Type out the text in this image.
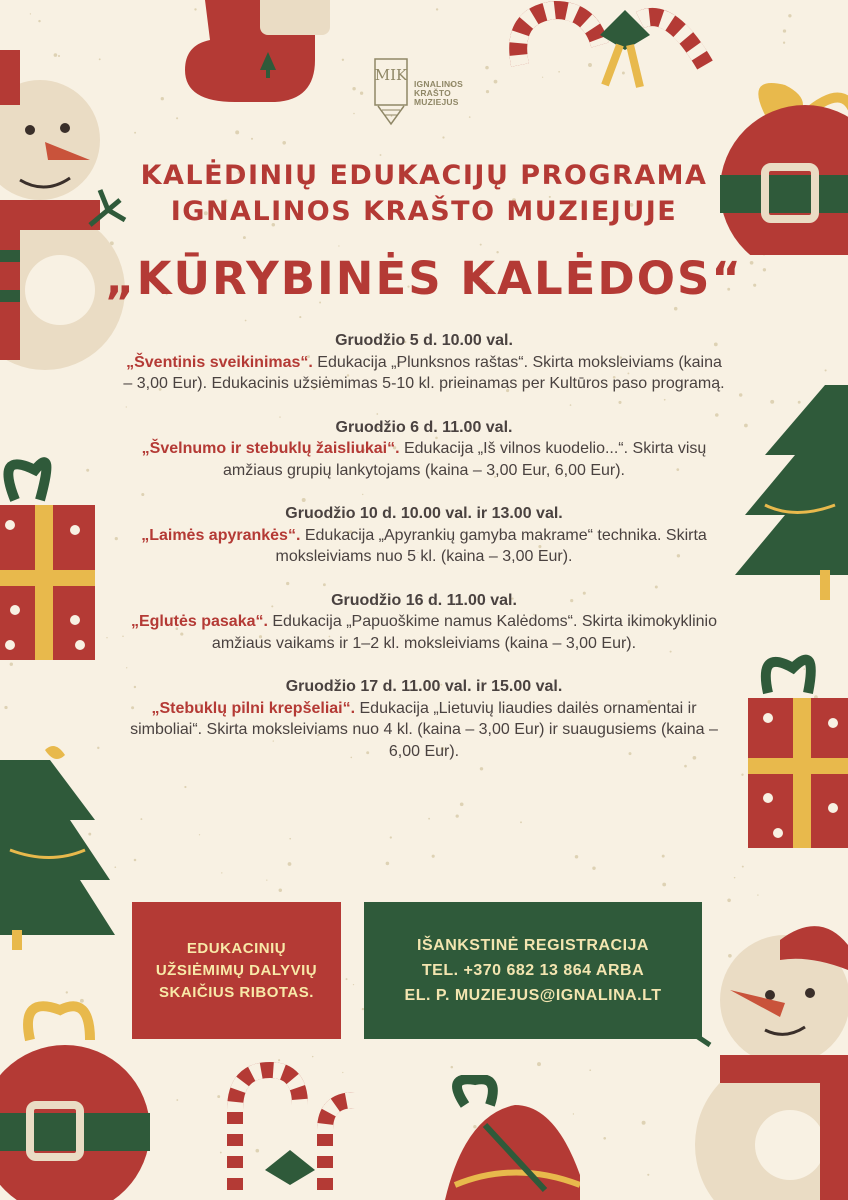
MIK IGNALINOS
KRAŠTO
MUZIEJUS
KALĖDINIŲ EDUKACIJŲ PROGRAMA
IGNALINOS KRAŠTO MUZIEJUJE
„KŪRYBINĖS KALĖDOS“
Gruodžio 5 d. 10.00 val.
„Šventinis sveikinimas“. Edukacija „Plunksnos raštas“. Skirta moksleiviams (kaina – 3,00 Eur). Edukacinis užsiėmimas 5-10 kl. prieinamas per Kultūros paso programą.
Gruodžio 6 d. 11.00 val.
„Švelnumo ir stebuklų žaisliukai“. Edukacija „Iš vilnos kuodelio...“. Skirta visų amžiaus grupių lankytojams (kaina – 3,00 Eur, 6,00 Eur).
Gruodžio 10 d. 10.00 val. ir 13.00 val.
„Laimės apyrankės“. Edukacija „Apyrankių gamyba makrame“ technika. Skirta moksleiviams nuo 5 kl. (kaina – 3,00 Eur).
Gruodžio 16 d. 11.00 val.
„Eglutės pasaka“. Edukacija „Papuoškime namus Kalėdoms“. Skirta ikimokyklinio amžiaus vaikams ir 1–2 kl. moksleiviams (kaina – 3,00 Eur).
Gruodžio 17 d. 11.00 val. ir 15.00 val.
„Stebuklų pilni krepšeliai“. Edukacija „Lietuvių liaudies dailės ornamentai ir simboliai“. Skirta moksleiviams nuo 4 kl. (kaina – 3,00 Eur) ir suaugusiems (kaina – 6,00 Eur).
EDUKACINIŲ
UŽSIĖMIMŲ DALYVIŲ
SKAIČIUS RIBOTAS.
IŠANKSTINĖ REGISTRACIJA
TEL. +370 682 13 864 ARBA
EL. P. MUZIEJUS@IGNALINA.LT
